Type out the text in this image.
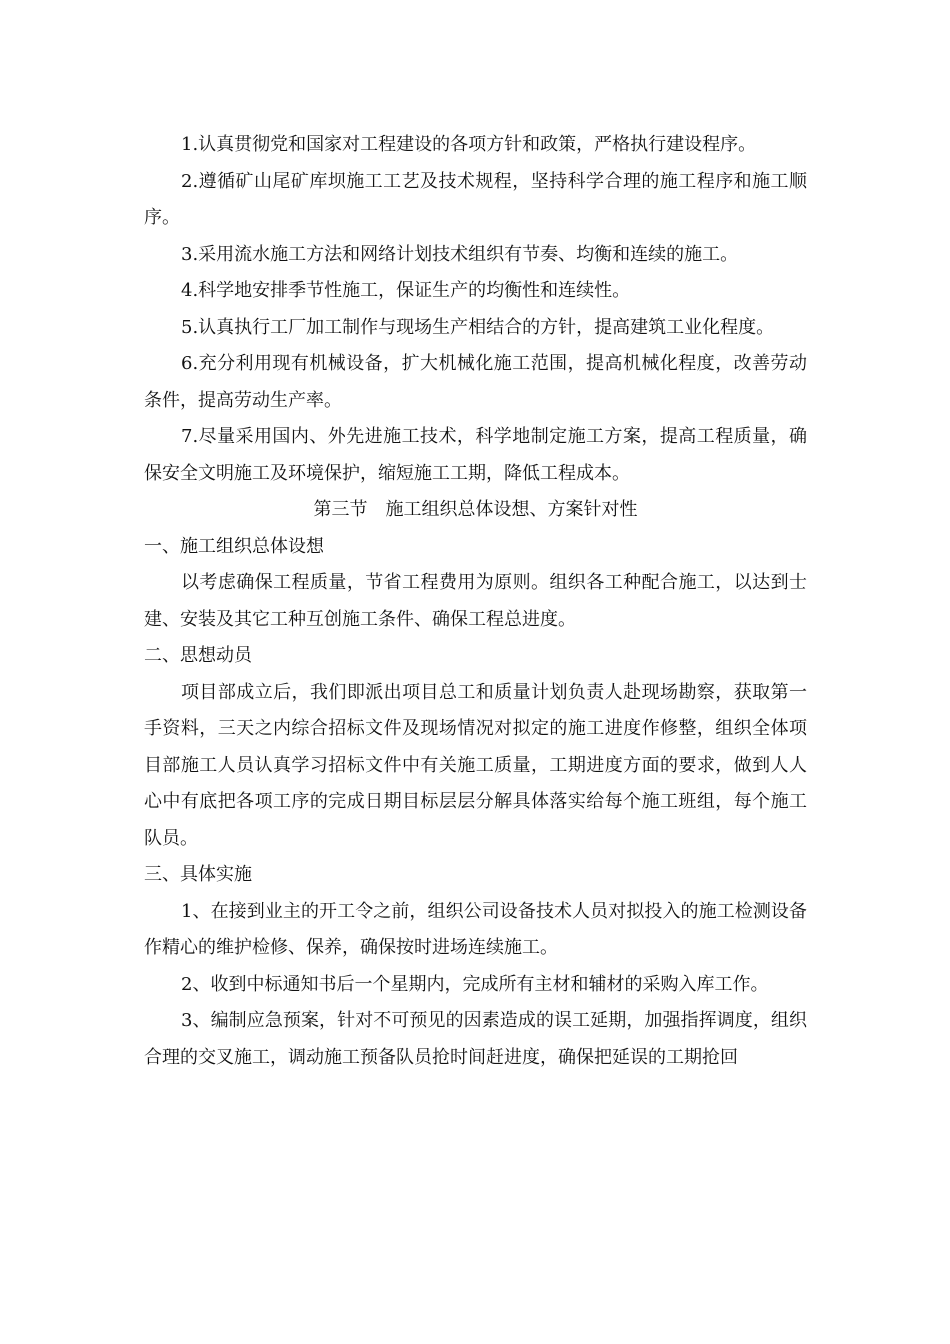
1.认真贯彻党和国家对工程建设的各项方针和政策，严格执行建设程序。

2.遵循矿山尾矿库坝施工工艺及技术规程，坚持科学合理的施工程序和施工顺序。

3.采用流水施工方法和网络计划技术组织有节奏、均衡和连续的施工。

4.科学地安排季节性施工，保证生产的均衡性和连续性。

5.认真执行工厂加工制作与现场生产相结合的方针，提高建筑工业化程度。

6.充分利用现有机械设备，扩大机械化施工范围，提高机械化程度，改善劳动条件，提高劳动生产率。

7.尽量采用国内、外先进施工技术，科学地制定施工方案，提高工程质量，确保安全文明施工及环境保护，缩短施工工期，降低工程成本。

第三节　施工组织总体设想、方案针对性

一、施工组织总体设想

以考虑确保工程质量，节省工程费用为原则。组织各工种配合施工，以达到士建、安装及其它工种互创施工条件、确保工程总进度。

二、思想动员

项目部成立后，我们即派出项目总工和质量计划负责人赴现场勘察，获取第一手资料，三天之内综合招标文件及现场情况对拟定的施工进度作修整，组织全体项目部施工人员认真学习招标文件中有关施工质量，工期进度方面的要求，做到人人心中有底把各项工序的完成日期目标层层分解具体落实给每个施工班组，每个施工队员。

三、具体实施

1、在接到业主的开工令之前，组织公司设备技术人员对拟投入的施工检测设备作精心的维护检修、保养，确保按时进场连续施工。

2、收到中标通知书后一个星期内，完成所有主材和辅材的采购入库工作。

3、编制应急预案，针对不可预见的因素造成的误工延期，加强指挥调度，组织合理的交叉施工，调动施工预备队员抢时间赶进度，确保把延误的工期抢回
